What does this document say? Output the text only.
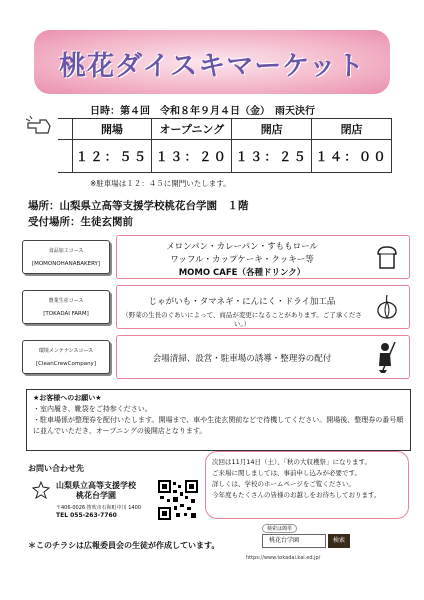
桃花ダイスキマーケット
日時：第４回　令和８年９月４日（金）　雨天決行
	開場	オープニング	開店	閉店
	１２：５５	１３：２０	１３：２５	１４：００
※駐車場は１２：４５に開門いたします。
場所：山梨県立高等支援学校桃花台学園　１階
受付場所：生徒玄関前
食品加工コース
[MOMONOHANABAKERY]
メロンパン・カレーパン・すももロール
ワッフル・カップケーキ・クッキー等
MOMO CAFE（各種ドリンク）
農業生産コース
[TOKADAI FARM]
じゃがいも・タマネギ・にんにく・ドライ加工品
（野菜の生長のぐあいによって、商品が変更になることがあります。ご了承ください。）
環境メンテナンスコース
[CleanCrewCompany]	会場清掃、設営・駐車場の誘導・整理券の配付
★お客様へのお願い★
・室内履き、靴袋をご持参ください。
・駐車場係が整理券を配付いたします。開場まで、車や生徒玄関前などで待機してください。開場後、整理券の番号順に並んでいただき、オープニングの後開店となります。
お問い合わせ先
山梨県立高等支援学校
桃花台学園
〒406-0026 笛吹市石和町中川 1400
TEL 055-263-7760
次回は11月14日（土）、「秋の大収穫祭」になります。
ご来場に関しましては、事前申し込みが必要です。
詳しくは、学校のホームページをご覧ください。
今年度もたくさんの皆様のお越しをお待ちしております。
＊このチラシは広報委員会の生徒が作成しています。
検索は簡単
桃花台学園	検索
https://www.tokadai.kai.ed.jp/
